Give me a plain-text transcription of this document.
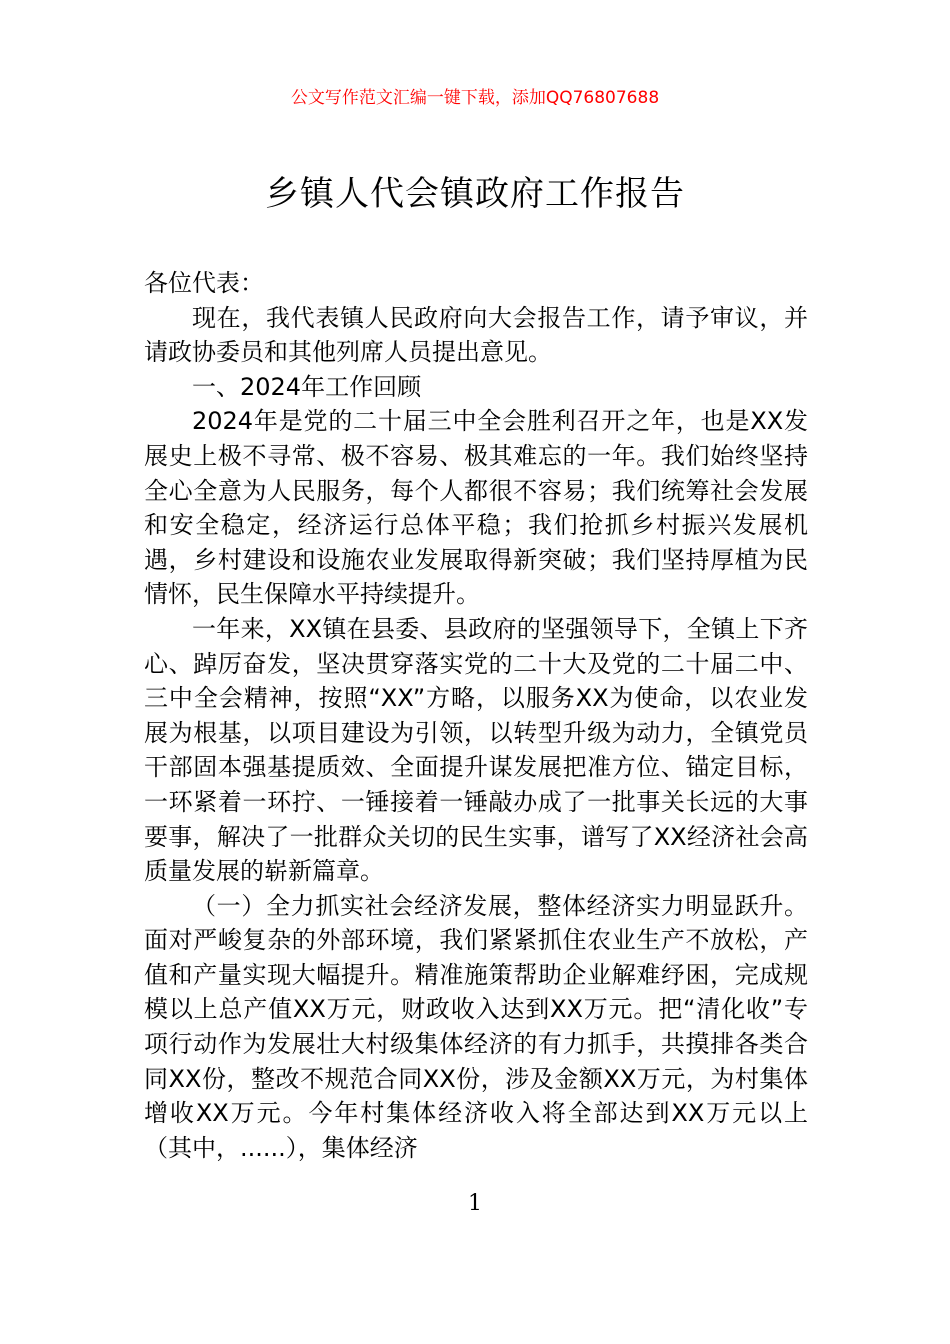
公文写作范文汇编一键下载，添加QQ76807688
乡镇人代会镇政府工作报告

各位代表：

现在，我代表镇人民政府向大会报告工作，请予审议，并请政协委员和其他列席人员提出意见。

一、2024年工作回顾

2024年是党的二十届三中全会胜利召开之年，也是XX发展史上极不寻常、极不容易、极其难忘的一年。我们始终坚持全心全意为人民服务，每个人都很不容易；我们统筹社会发展和安全稳定，经济运行总体平稳；我们抢抓乡村振兴发展机遇，乡村建设和设施农业发展取得新突破；我们坚持厚植为民情怀，民生保障水平持续提升。

一年来，XX镇在县委、县政府的坚强领导下，全镇上下齐心、踔厉奋发，坚决贯穿落实党的二十大及党的二十届二中、三中全会精神，按照“XX”方略，以服务XX为使命，以农业发展为根基，以项目建设为引领，以转型升级为动力，全镇党员干部固本强基提质效、全面提升谋发展把准方位、锚定目标，一环紧着一环拧、一锤接着一锤敲办成了一批事关长远的大事要事，解决了一批群众关切的民生实事，谱写了XX经济社会高质量发展的崭新篇章。

（一）全力抓实社会经济发展，整体经济实力明显跃升。面对严峻复杂的外部环境，我们紧紧抓住农业生产不放松，产值和产量实现大幅提升。精准施策帮助企业解难纾困，完成规模以上总产值XX万元，财政收入达到XX万元。把“清化收”专项行动作为发展壮大村级集体经济的有力抓手，共摸排各类合同XX份，整改不规范合同XX份，涉及金额XX万元，为村集体增收XX万元。今年村集体经济收入将全部达到XX万元以上（其中，......），集体经济

1
